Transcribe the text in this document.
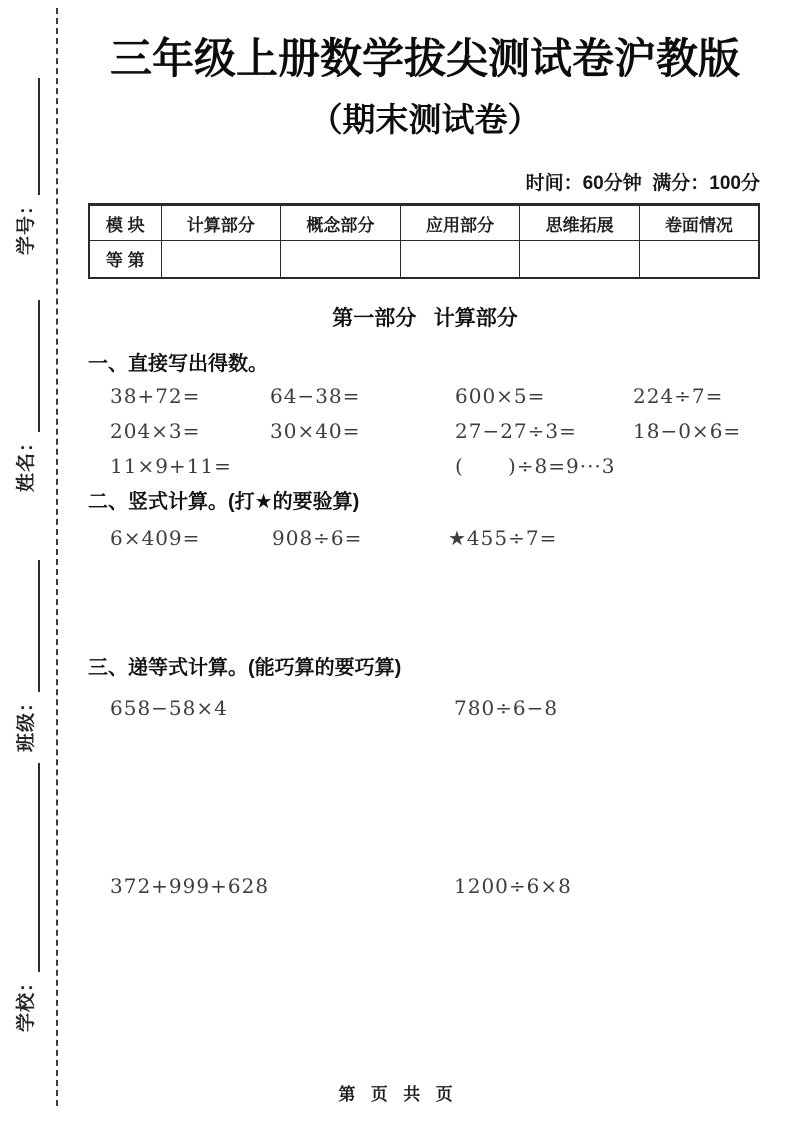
学号：
姓名：
班级：
学校：
三年级上册数学拔尖测试卷沪教版
（期末测试卷）
时间：60分钟  满分：100分
模 块	计算部分	概念部分	应用部分	思维拓展	卷面情况
等 第					
第一部分   计算部分
一、直接写出得数。
38+72=	64−38=	600×5=	224÷7=
204×3=	30×40=	27−27÷3=	18−0×6=
11×9+11=	(      )÷8=9···3
二、竖式计算。(打★的要验算)
6×409=	908÷6=	★455÷7=
三、递等式计算。(能巧算的要巧算)
658−58×4	780÷6−8
372+999+628	1200÷6×8
第  页  共  页
